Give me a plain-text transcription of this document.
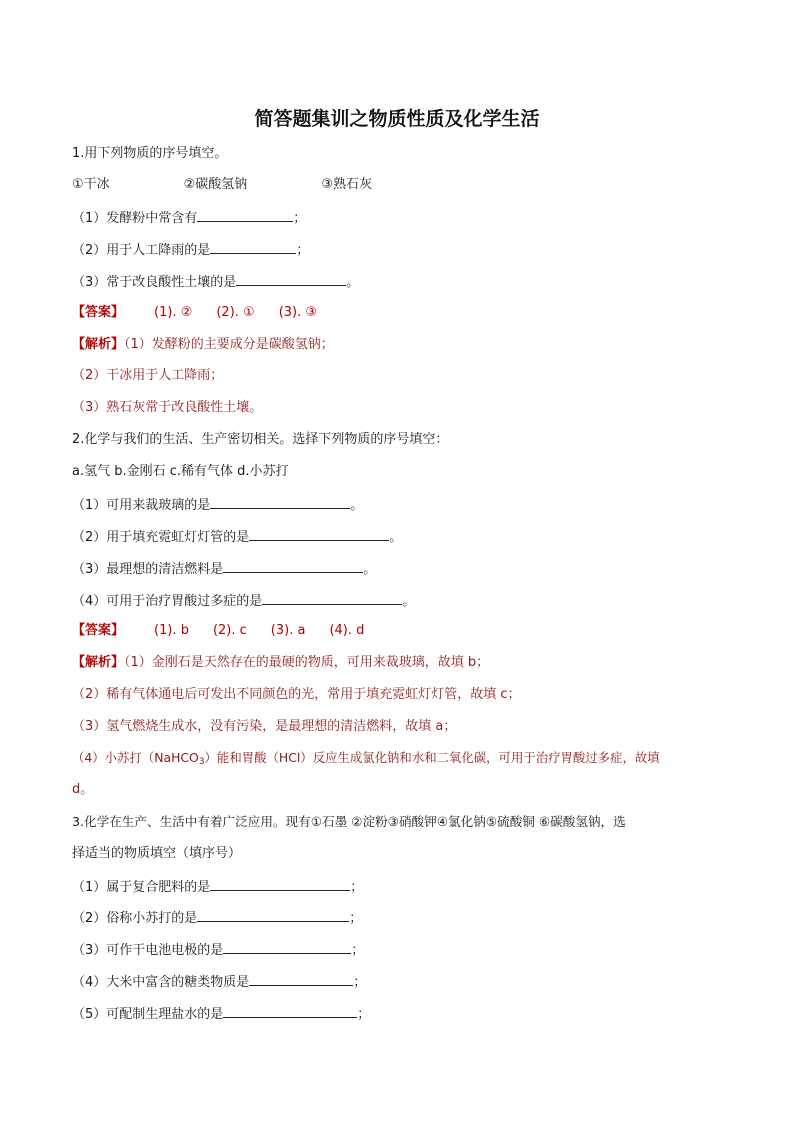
简答题集训之物质性质及化学生活
1.用下列物质的序号填空。
①干冰	②碳酸氢钠	③熟石灰
（1）发酵粉中常含有	；
（2）用于人工降雨的是	；
（3）常于改良酸性土壤的是	。
【答案】 (1). ② (2). ① (3). ③
【解析】（1）发酵粉的主要成分是碳酸氢钠；
（2）干冰用于人工降雨；
（3）熟石灰常于改良酸性土壤。
2.化学与我们的生活、生产密切相关。选择下列物质的序号填空：
a.氢气 b.金刚石 c.稀有气体 d.小苏打
（1）可用来裁玻璃的是	。
（2）用于填充霓虹灯灯管的是	。
（3）最理想的清洁燃料是	。
（4）可用于治疗胃酸过多症的是	。
【答案】 (1). b (2). c (3). a (4). d
【解析】（1）金刚石是天然存在的最硬的物质，可用来裁玻璃，故填 b；
（2）稀有气体通电后可发出不同颜色的光，常用于填充霓虹灯灯管，故填 c；
（3）氢气燃烧生成水，没有污染，是最理想的清洁燃料，故填 a；
（4）小苏打（NaHCO$_3$）能和胃酸（HCl）反应生成氯化钠和水和二氧化碳，可用于治疗胃酸过多症，故填
d。
3.化学在生产、生活中有着广泛应用。现有①石墨 ②淀粉③硝酸钾④氯化钠⑤硫酸铜 ⑥碳酸氢钠，选
择适当的物质填空（填序号）
（1）属于复合肥料的是	；
（2）俗称小苏打的是	；
（3）可作干电池电极的是	；
（4）大米中富含的糖类物质是	；
（5）可配制生理盐水的是	；
